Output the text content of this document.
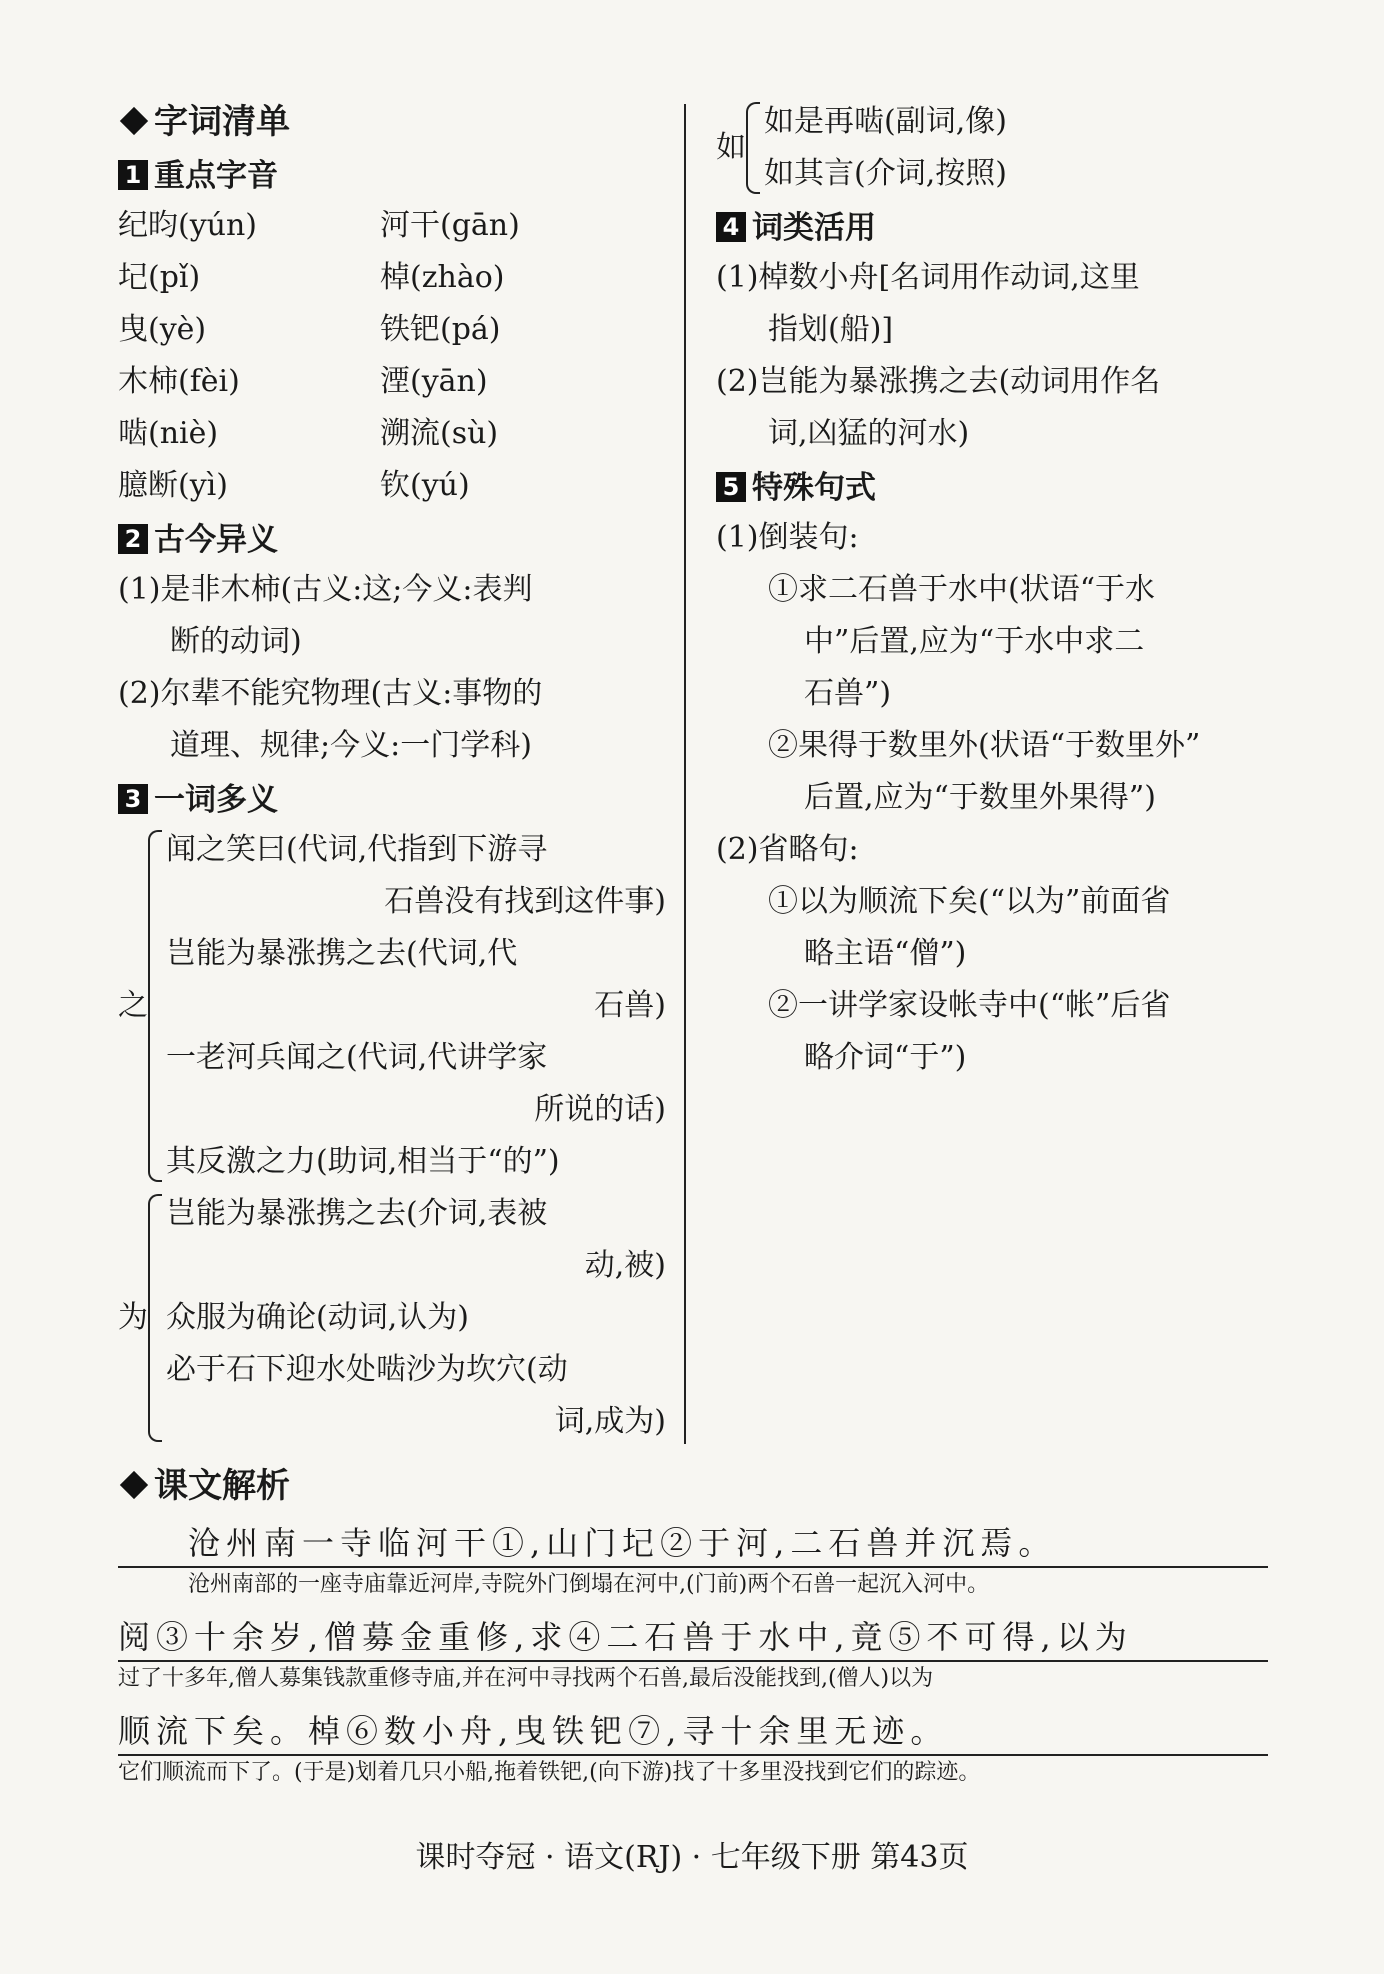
字词清单
1 重点字音
纪昀(yún)	河干(gān)
圮(pǐ)	棹(zhào)
曳(yè)	铁钯(pá)
木柿(fèi)	湮(yān)
啮(niè)	溯流(sù)
臆断(yì)	钦(yú)
2 古今异义
(1)是非木柿(古义:这;今义:表判
断的动词)
(2)尔辈不能究物理(古义:事物的
道理、规律;今义:一门学科)
3 一词多义
之
闻之笑曰(代词,代指到下游寻
石兽没有找到这件事)
岂能为暴涨携之去(代词,代
石兽)
一老河兵闻之(代词,代讲学家
所说的话)
其反激之力(助词,相当于“的”)
为
岂能为暴涨携之去(介词,表被
动,被)
众服为确论(动词,认为)
必于石下迎水处啮沙为坎穴(动
词,成为)
如
如是再啮(副词,像)
如其言(介词,按照)
4 词类活用
(1)棹数小舟[名词用作动词,这里
指划(船)]
(2)岂能为暴涨携之去(动词用作名
词,凶猛的河水)
5 特殊句式
(1)倒装句:
①求二石兽于水中(状语“于水
中”后置,应为“于水中求二
石兽”)
②果得于数里外(状语“于数里外”
后置,应为“于数里外果得”)
(2)省略句:
①以为顺流下矣(“以为”前面省
略主语“僧”)
②一讲学家设帐寺中(“帐”后省
略介词“于”)
课文解析
沧州南一寺临河干①,山门圮②于河,二石兽并沉焉。
沧州南部的一座寺庙靠近河岸,寺院外门倒塌在河中,(门前)两个石兽一起沉入河中。
阅③十余岁,僧募金重修,求④二石兽于水中,竟⑤不可得,以为
过了十多年,僧人募集钱款重修寺庙,并在河中寻找两个石兽,最后没能找到,(僧人)以为
顺流下矣。棹⑥数小舟,曳铁钯⑦,寻十余里无迹。
它们顺流而下了。(于是)划着几只小船,拖着铁钯,(向下游)找了十多里没找到它们的踪迹。
课时夺冠 · 语文(RJ) · 七年级下册 第43页
